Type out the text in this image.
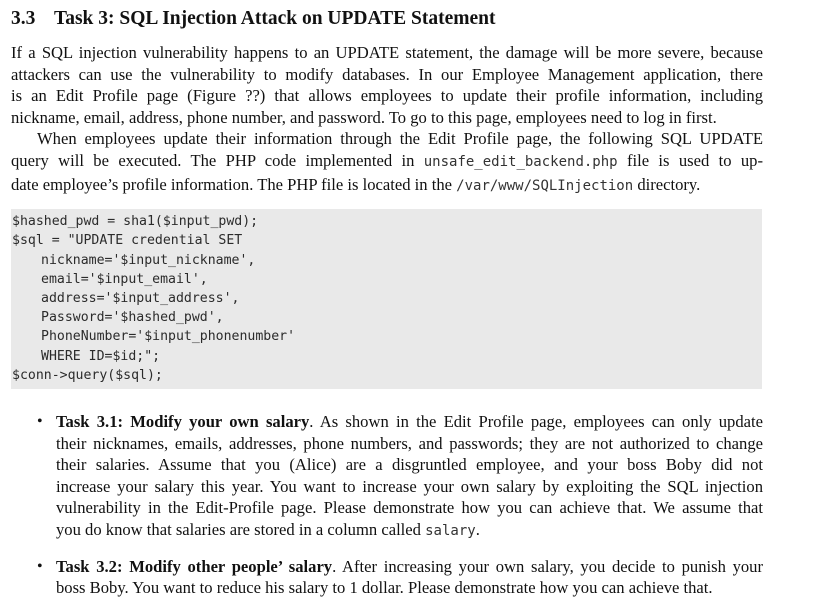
3.3 Task 3: SQL Injection Attack on UPDATE Statement
If a SQL injection vulnerability happens to an UPDATE statement, the damage will be more severe, because
attackers can use the vulnerability to modify databases. In our Employee Management application, there
is an Edit Profile page (Figure ??) that allows employees to update their profile information, including
nickname, email, address, phone number, and password. To go to this page, employees need to log in first.
When employees update their information through the Edit Profile page, the following SQL UPDATE
query will be executed. The PHP code implemented in unsafe_edit_backend.php file is used to up-
date employee’s profile information. The PHP file is located in the /var/www/SQLInjection directory.
$hashed_pwd = sha1($input_pwd);
$sql = "UPDATE credential SET
nickname='$input_nickname',
email='$input_email',
address='$input_address',
Password='$hashed_pwd',
PhoneNumber='$input_phonenumber'
WHERE ID=$id;";
$conn->query($sql);
• Task 3.1: Modify your own salary. As shown in the Edit Profile page, employees can only update
their nicknames, emails, addresses, phone numbers, and passwords; they are not authorized to change
their salaries. Assume that you (Alice) are a disgruntled employee, and your boss Boby did not
increase your salary this year. You want to increase your own salary by exploiting the SQL injection
vulnerability in the Edit-Profile page. Please demonstrate how you can achieve that. We assume that
you do know that salaries are stored in a column called salary.
• Task 3.2: Modify other people’ salary. After increasing your own salary, you decide to punish your
boss Boby. You want to reduce his salary to 1 dollar. Please demonstrate how you can achieve that.
